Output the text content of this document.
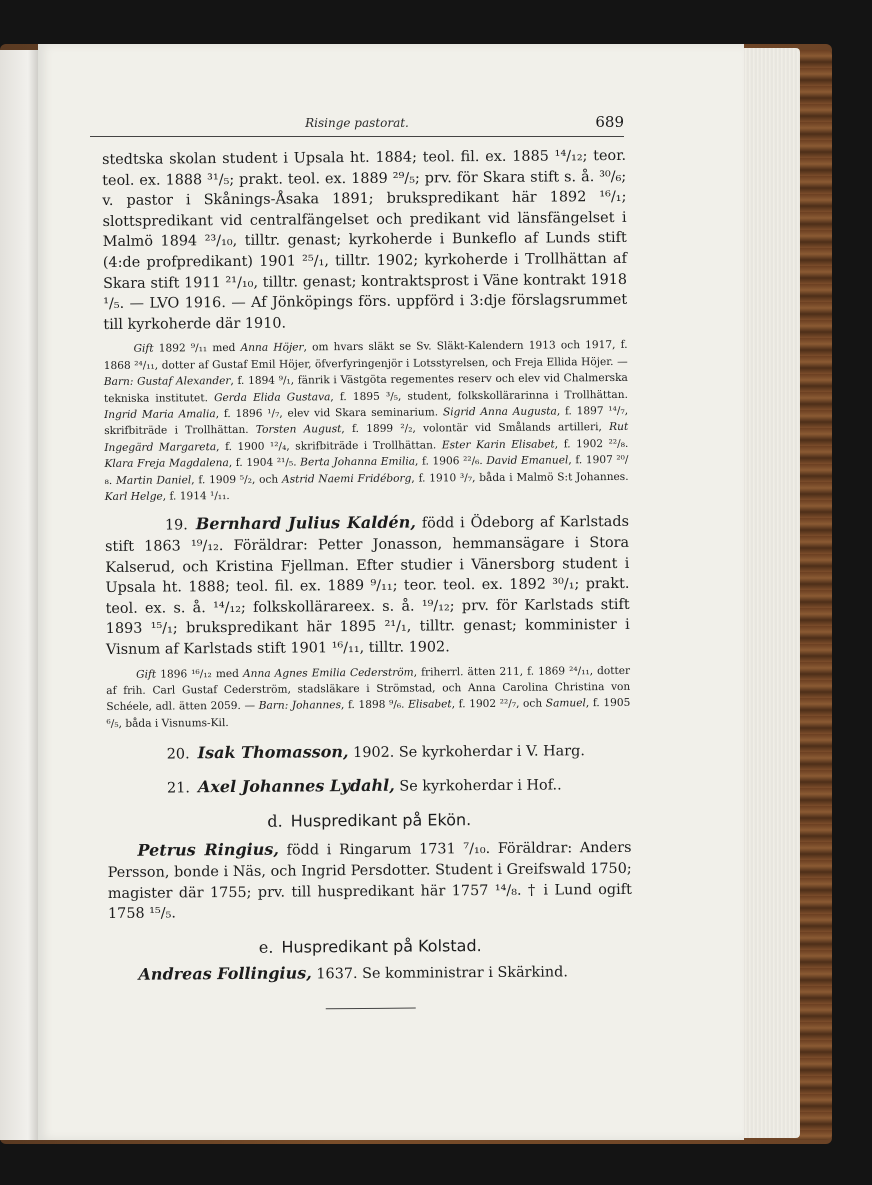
Risinge pastorat.	689

stedtska skolan student i Upsala ht. 1884; teol. fil. ex. 1885 ¹⁴/₁₂; teor. teol. ex. 1888 ³¹/₅; prakt. teol. ex. 1889 ²⁹/₅; prv. för Skara stift s. å. ³⁰/₆; v. pastor i Skånings-Åsaka 1891; brukspredikant här 1892 ¹⁶/₁; slottspredikant vid centralfängelset och predikant vid länsfängelset i Malmö 1894 ²³/₁₀, tilltr. genast; kyrkoherde i Bunkeflo af Lunds stift (4:de profpredikant) 1901 ²⁵/₁, tilltr. 1902; kyrkoherde i Trollhättan af Skara stift 1911 ²¹/₁₀, tilltr. genast; kontraktsprost i Väne kontrakt 1918 ¹/₅. — LVO 1916. — Af Jönköpings förs. uppförd i 3:dje förslagsrummet till kyrkoherde där 1910.

Gift 1892 ⁹/₁₁ med Anna Höjer, om hvars släkt se Sv. Släkt-Kalendern 1913 och 1917, f. 1868 ²⁴/₁₁, dotter af Gustaf Emil Höjer, öfverfyringenjör i Lotsstyrelsen, och Freja Ellida Höjer. — Barn: Gustaf Alexander, f. 1894 ⁹/₁, fänrik i Västgöta regementes reserv och elev vid Chalmerska tekniska institutet. Gerda Elida Gustava, f. 1895 ³/₅, student, folkskollärarinna i Trollhättan. Ingrid Maria Amalia, f. 1896 ¹/₇, elev vid Skara seminarium. Sigrid Anna Augusta, f. 1897 ¹⁴/₇, skrifbiträde i Trollhättan. Torsten August, f. 1899 ²/₂, volontär vid Smålands artilleri, Rut Ingegärd Margareta, f. 1900 ¹²/₄, skrifbiträde i Trollhättan. Ester Karin Elisabet, f. 1902 ²²/₈. Klara Freja Magdalena, f. 1904 ²¹/₅. Berta Johanna Emilia, f. 1906 ²²/₆. David Emanuel, f. 1907 ²⁰/₈. Martin Daniel, f. 1909 ⁵/₂, och Astrid Naemi Fridéborg, f. 1910 ³/₇, båda i Malmö S:t Johannes. Karl Helge, f. 1914 ¹/₁₁.

19. Bernhard Julius Kaldén, född i Ödeborg af Karlstads stift 1863 ¹⁹/₁₂. Föräldrar: Petter Jonasson, hemmansägare i Stora Kalserud, och Kristina Fjellman. Efter studier i Vänersborg student i Upsala ht. 1888; teol. fil. ex. 1889 ⁹/₁₁; teor. teol. ex. 1892 ³⁰/₁; prakt. teol. ex. s. å. ¹⁴/₁₂; folkskollärareex. s. å. ¹⁹/₁₂; prv. för Karlstads stift 1893 ¹⁵/₁; brukspredikant här 1895 ²¹/₁, tilltr. genast; komminister i Visnum af Karlstads stift 1901 ¹⁶/₁₁, tilltr. 1902.

Gift 1896 ¹⁶/₁₂ med Anna Agnes Emilia Cederström, friherrl. ätten 211, f. 1869 ²⁴/₁₁, dotter af frih. Carl Gustaf Cederström, stadsläkare i Strömstad, och Anna Carolina Christina von Schéele, adl. ätten 2059. — Barn: Johannes, f. 1898 ⁹/₆. Elisabet, f. 1902 ²²/₇, och Samuel, f. 1905 ⁶/₅, båda i Visnums-Kil.

20. Isak Thomasson, 1902. Se kyrkoherdar i V. Harg.

21. Axel Johannes Lydahl, Se kyrkoherdar i Hof..

d. Huspredikant på Ekön.

Petrus Ringius, född i Ringarum 1731 ⁷/₁₀. Föräldrar: Anders Persson, bonde i Näs, och Ingrid Persdotter. Student i Greifswald 1750; magister där 1755; prv. till huspredikant här 1757 ¹⁴/₈. † i Lund ogift 1758 ¹⁵/₅.

e. Huspredikant på Kolstad.

Andreas Follingius, 1637. Se komministrar i Skärkind.
